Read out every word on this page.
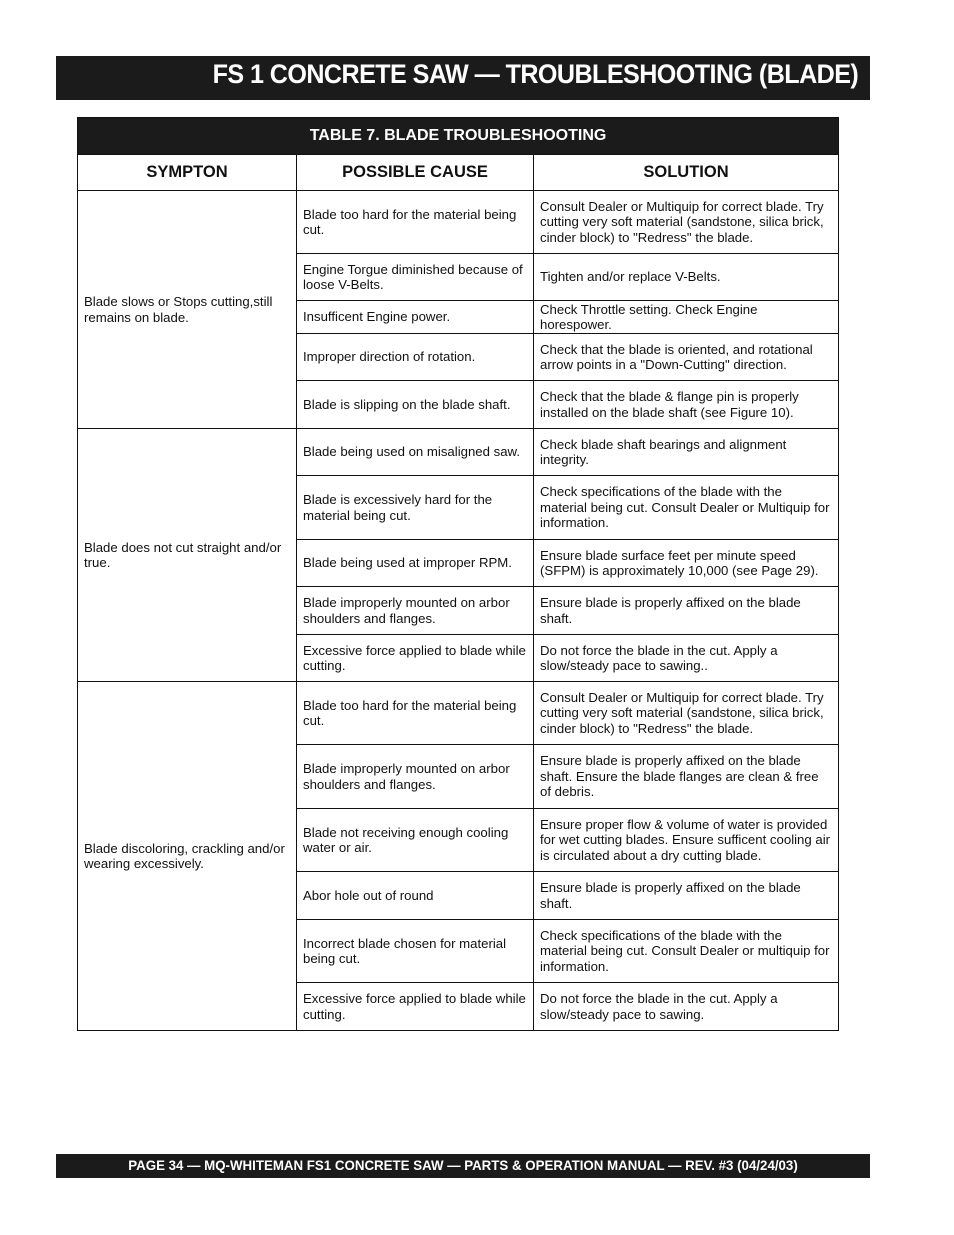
FS 1 CONCRETE SAW — TROUBLESHOOTING (BLADE)
TABLE 7. BLADE TROUBLESHOOTING		
SYMPTON	POSSIBLE CAUSE	SOLUTION
Blade slows or Stops cutting,still remains on blade.	Blade too hard for the material being cut.	Consult Dealer or Multiquip for correct blade. Try cutting very soft material (sandstone, silica brick, cinder block) to "Redress" the blade.
	Engine Torgue diminished because of loose V-Belts.	Tighten and/or replace V-Belts.
	Insufficent Engine power.	Check Throttle setting. Check Engine horespower.
	Improper direction of rotation.	Check that the blade is oriented, and rotational arrow points in a "Down-Cutting" direction.
	Blade is slipping on the blade shaft.	Check that the blade & flange pin is properly installed on the blade shaft (see Figure 10).
Blade does not cut straight and/or true.	Blade being used on misaligned saw.	Check blade shaft bearings and alignment integrity.
	Blade is excessively hard for the material being cut.	Check specifications of the blade with the material being cut. Consult Dealer or Multiquip for information.
	Blade being used at improper RPM.	Ensure blade surface feet per minute speed (SFPM) is approximately 10,000 (see Page 29).
	Blade improperly mounted on arbor shoulders and flanges.	Ensure blade is properly affixed on the blade shaft.
	Excessive force applied to blade while cutting.	Do not force the blade in the cut. Apply a slow/steady pace to sawing..
Blade discoloring, crackling and/or wearing excessively.	Blade too hard for the material being cut.	Consult Dealer or Multiquip for correct blade. Try cutting very soft material (sandstone, silica brick, cinder block) to "Redress" the blade.
	Blade improperly mounted on arbor shoulders and flanges.	Ensure blade is properly affixed on the blade shaft. Ensure the blade flanges are clean & free of debris.
	Blade not receiving enough cooling water or air.	Ensure proper flow & volume of water is provided for wet cutting blades. Ensure sufficent cooling air is circulated about a dry cutting blade.
	Abor hole out of round	Ensure blade is properly affixed on the blade shaft.
	Incorrect blade chosen for material being cut.	Check specifications of the blade with the material being cut. Consult Dealer or multiquip for information.
	Excessive force applied to blade while cutting.	Do not force the blade in the cut. Apply a slow/steady pace to sawing.
PAGE 34 — MQ-WHITEMAN FS1 CONCRETE SAW — PARTS & OPERATION MANUAL — REV. #3 (04/24/03)
